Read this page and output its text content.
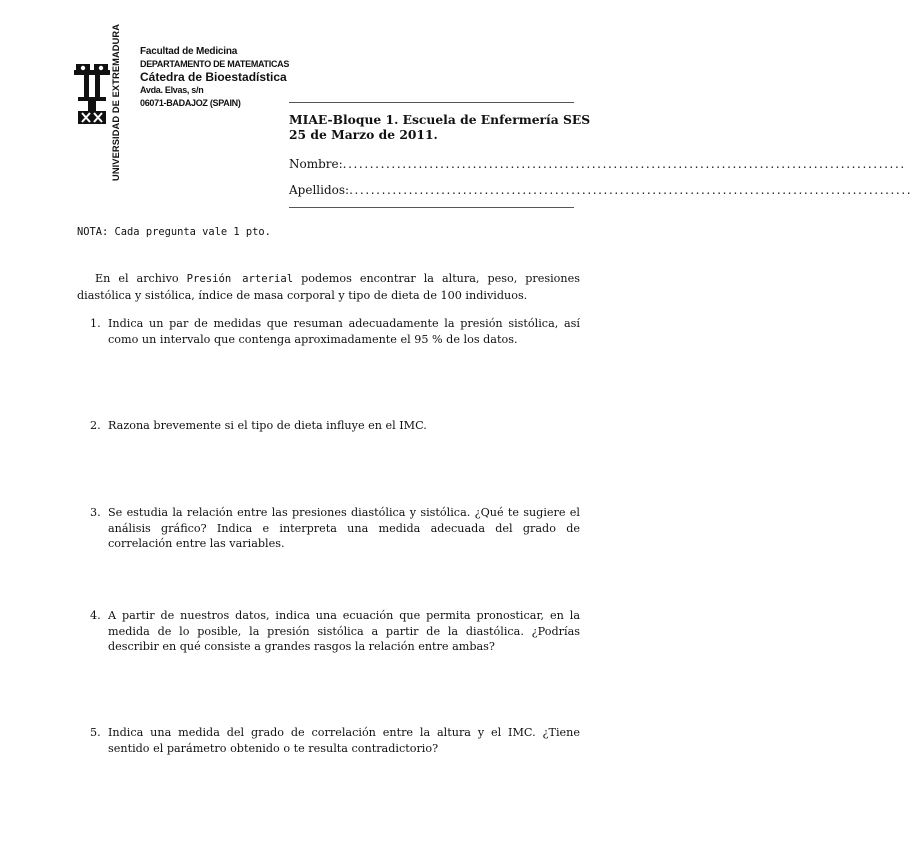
UNIVERSIDAD DE EXTREMADURA Facultad de Medicina
DEPARTAMENTO DE MATEMATICAS
Cátedra de Bioestadística
Avda. Elvas, s/n
06071-BADAJOZ (SPAIN)
MIAE-Bloque 1. Escuela de Enfermería SES
25 de Marzo de 2011.
Nombre: ........................................................................................................
Apellidos: ........................................................................................................
NOTA: Cada pregunta vale 1 pto.
En el archivo Presión arterial podemos encontrar la altura, peso, presiones diastólica y sistólica, índice de masa corporal y tipo de dieta de 100 individuos.
1. Indica un par de medidas que resuman adecuadamente la presión sistólica, así como un intervalo que contenga aproximadamente el 95 % de los datos.
2. Razona brevemente si el tipo de dieta influye en el IMC.
3. Se estudia la relación entre las presiones diastólica y sistólica. ¿Qué te sugiere el análisis gráfico? Indica e interpreta una medida adecuada del grado de correlación entre las variables.
4. A partir de nuestros datos, indica una ecuación que permita pronosticar, en la medida de lo posible, la presión sistólica a partir de la diastólica. ¿Podrías describir en qué consiste a grandes rasgos la relación entre ambas?
5. Indica una medida del grado de correlación entre la altura y el IMC. ¿Tiene sentido el parámetro obtenido o te resulta contradictorio?
